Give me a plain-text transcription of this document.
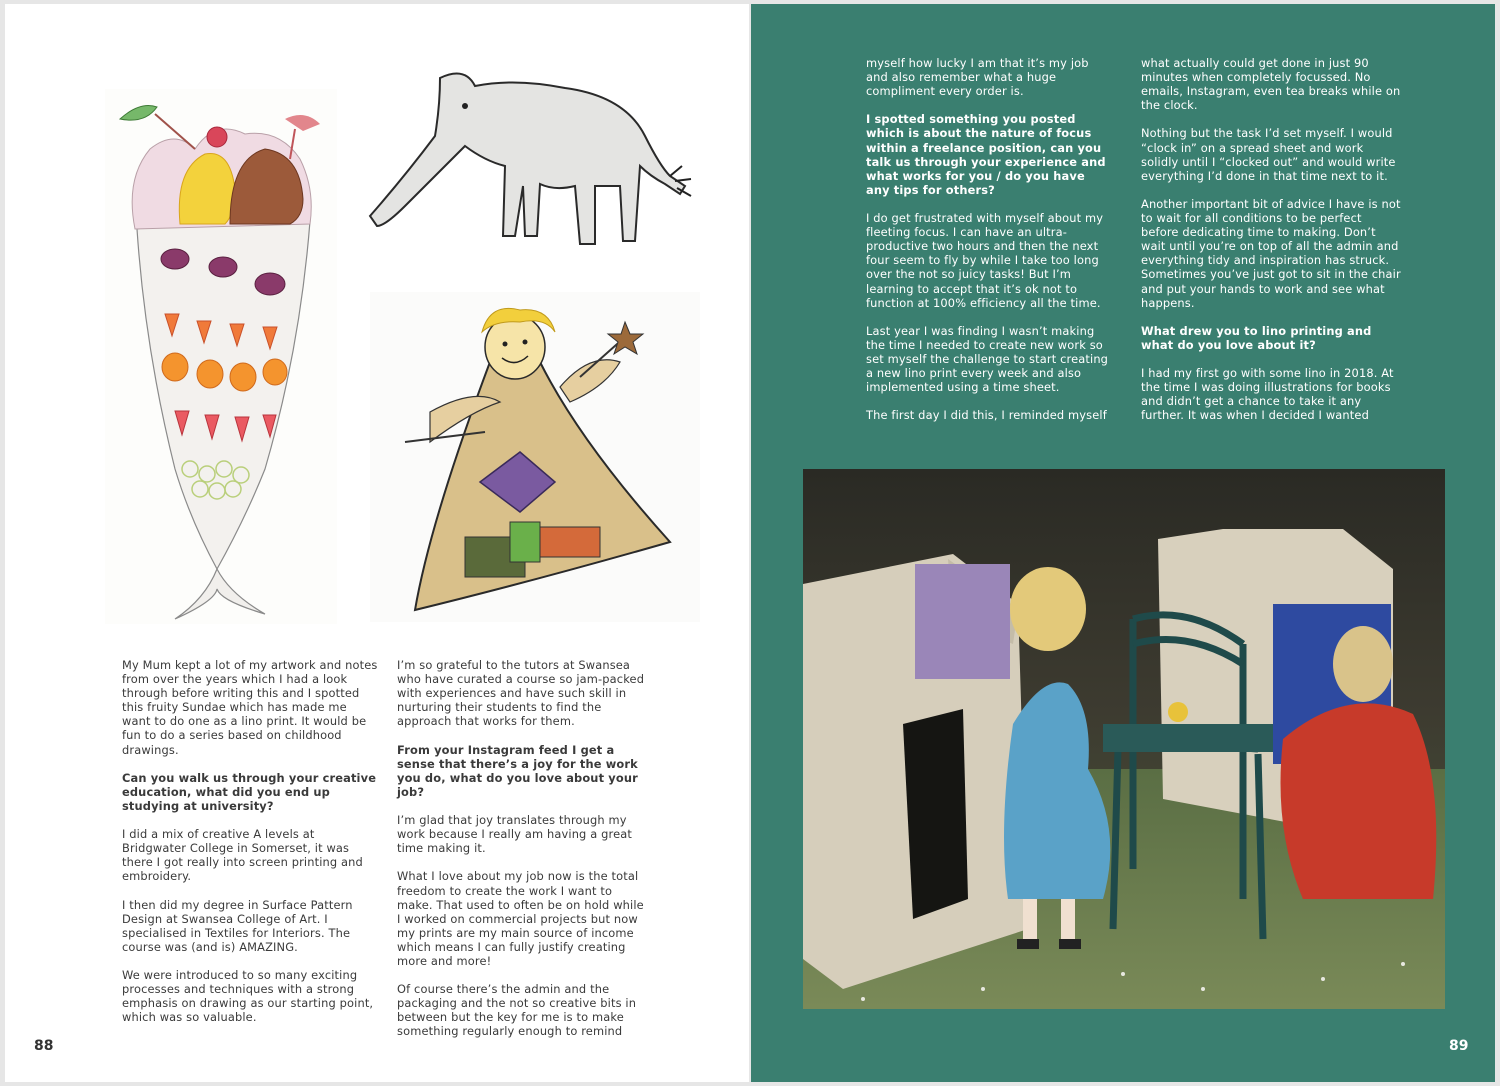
My Mum kept a lot of my artwork and notes from over the years which I had a look through before writing this and I spotted this fruity Sundae which has made me want to do one as a lino print. It would be fun to do a series based on childhood drawings.

Can you walk us through your creative education, what did you end up studying at university?

I did a mix of creative A levels at Bridgwater College in Somerset, it was there I got really into screen printing and embroidery.

I then did my degree in Surface Pattern Design at Swansea College of Art. I specialised in Textiles for Interiors. The course was (and is) AMAZING.

We were introduced to so many exciting processes and techniques with a strong emphasis on drawing as our starting point, which was so valuable.

I’m so grateful to the tutors at Swansea who have curated a course so jam-packed with experiences and have such skill in nurturing their students to find the approach that works for them.

From your Instagram feed I get a sense that there’s a joy for the work you do, what do you love about your job?

I’m glad that joy translates through my work because I really am having a great time making it.

What I love about my job now is the total freedom to create the work I want to make. That used to often be on hold while I worked on commercial projects but now my prints are my main source of income which means I can fully justify creating more and more!

Of course there’s the admin and the packaging and the not so creative bits in between but the key for me is to make something regularly enough to remind

88

myself how lucky I am that it’s my job and also remember what a huge compliment every order is.

I spotted something you posted which is about the nature of focus within a freelance position, can you talk us through your experience and what works for you / do you have any tips for others?

I do get frustrated with myself about my fleeting focus. I can have an ultra-productive two hours and then the next four seem to fly by while I take too long over the not so juicy tasks! But I’m learning to accept that it’s ok not to function at 100% efficiency all the time.

Last year I was finding I wasn’t making the time I needed to create new work so set myself the challenge to start creating a new lino print every week and also implemented using a time sheet.

The first day I did this, I reminded myself

what actually could get done in just 90 minutes when completely focussed. No emails, Instagram, even tea breaks while on the clock.

Nothing but the task I’d set myself. I would “clock in” on a spread sheet and work solidly until I “clocked out” and would write everything I’d done in that time next to it.

Another important bit of advice I have is not to wait for all conditions to be perfect before dedicating time to making. Don’t wait until you’re on top of all the admin and everything tidy and inspiration has struck. Sometimes you’ve just got to sit in the chair and put your hands to work and see what happens.

What drew you to lino printing and what do you love about it?

I had my first go with some lino in 2018. At the time I was doing illustrations for books and didn’t get a chance to take it any further. It was when I decided I wanted

89
